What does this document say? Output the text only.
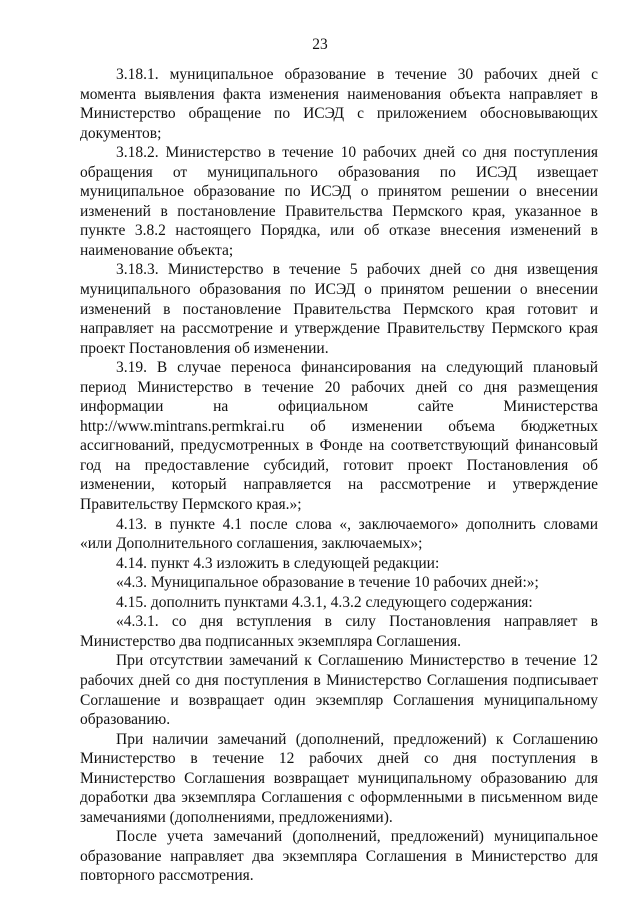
23

3.18.1. муниципальное образование в течение 30 рабочих дней с момента выявления факта изменения наименования объекта направляет в Министерство обращение по ИСЭД с приложением обосновывающих документов;

3.18.2. Министерство в течение 10 рабочих дней со дня поступления обращения от муниципального образования по ИСЭД извещает муниципальное образование по ИСЭД о принятом решении о внесении изменений в постановление Правительства Пермского края, указанное в пункте 3.8.2 настоящего Порядка, или об отказе внесения изменений в наименование объекта;

3.18.3. Министерство в течение 5 рабочих дней со дня извещения муниципального образования по ИСЭД о принятом решении о внесении изменений в постановление Правительства Пермского края готовит и направляет на рассмотрение и утверждение Правительству Пермского края проект Постановления об изменении.

3.19. В случае переноса финансирования на следующий плановый период Министерство в течение 20 рабочих дней со дня размещения информации на официальном сайте Министерства http://www.mintrans.permkrai.ru об изменении объема бюджетных ассигнований, предусмотренных в Фонде на соответствующий финансовый год на предоставление субсидий, готовит проект Постановления об изменении, который направляется на рассмотрение и утверждение Правительству Пермского края.»;

4.13. в пункте 4.1 после слова «, заключаемого» дополнить словами «или Дополнительного соглашения, заключаемых»;

4.14. пункт 4.3 изложить в следующей редакции:

«4.3. Муниципальное образование в течение 10 рабочих дней:»;

4.15. дополнить пунктами 4.3.1, 4.3.2 следующего содержания:

«4.3.1. со дня вступления в силу Постановления направляет в Министерство два подписанных экземпляра Соглашения.

При отсутствии замечаний к Соглашению Министерство в течение 12 рабочих дней со дня поступления в Министерство Соглашения подписывает Соглашение и возвращает один экземпляр Соглашения муниципальному образованию.

При наличии замечаний (дополнений, предложений) к Соглашению Министерство в течение 12 рабочих дней со дня поступления в Министерство Соглашения возвращает муниципальному образованию для доработки два экземпляра Соглашения с оформленными в письменном виде замечаниями (дополнениями, предложениями).

После учета замечаний (дополнений, предложений) муниципальное образование направляет два экземпляра Соглашения в Министерство для повторного рассмотрения.
